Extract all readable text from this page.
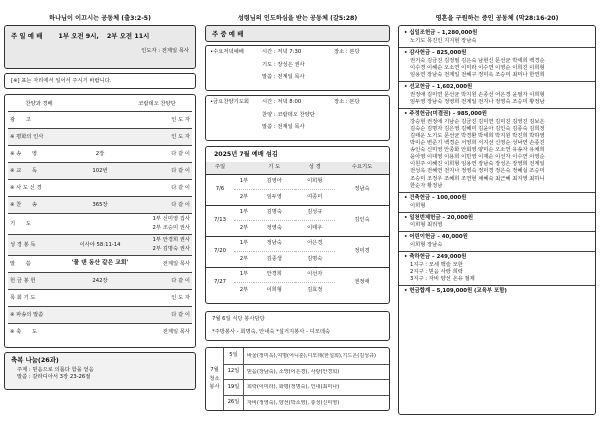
하나님이 이끄시는 공동체 (출3:2-5)
주 일 예 배	1부 오전 9시, 2부 오전 11시
인도자 : 전계일 목사
[※] 표는 자리에서 일어서 주시기 바랍니다.
찬양과 경배	코람데오 찬양단
광　　고	인 도 자
※ 평화의 인사	인 도 자
※ 송　　영	2장	다 같 이
※ 교　　독	102번	다 같 이
※ 사 도 신 경	다 같 이
※ 찬　　송	365장	다 같 이
기　　도
1부 신미영 집사
2부 조승미 권사
성 경 봉 독	이사야 58:11-14
1부 안경희 권사
2부 김명숙 권사
말　　씀	'물 댄 동산 같은 교회'	전계일 목사
헌 금 봉 헌	242장	다 같 이
목 회 기 도	인 도 자
※ 파송의 말씀	다 같 이
※ 축　　도	전계일 목사
축복 나눔(26과)
주제 : 믿음으로 의롭다 함을 얻음
말씀 : 갈라디아서 3장 23-26절
성령님의 인도하심을 받는 공동체 (갈5:28)
주 중 예 배
•수요저녁예배	시간 : 저녁 7:30	장소 : 본당
기도 : 장성은 권사
말씀 : 전계일 목사
•금요찬양기도회	시간 : 저녁 8:00	장소 : 본당
찬양 : 코람데오 찬양단
말씀 : 전계일 목사
2025년 7월 예배 섬김
주일		기 도	성 경	수요기도
7/6	1부	김영아	이희형	정남숙
	2부	임두영	여종미	
7/13	1부	김명숙	김성규	김인숙
	2부	정영숙	이태우	
7/20	1부	정남숙	어은경	정미경
	2부	김종생	김명숙	
7/27	1부	안경희	이선자	권정애
	2부	이희형	김효정	
7월 6일 식당 봉사담당
*주방봉사 - 회명숙, 안내숙 *설거지봉사 - 디모데숙
7월 청소 봉사
5일	바울(정미옥),여명(어니훈),디모데(한설희),기드온(김성규)
12일	믿음(장남숙), 소망(어은경), 사랑(안경희)
19일	희락(이미라), 화평(정명숙), 인내(최미나)
26일	자비(정영숙), 양선(박소영), 충성(신미영)
영혼을 구원하는 증인 공동체 (막28:16-20)
• 십일조헌금 – 1,280,000원
노기도 목진인 지지현 장남숙
• 감사헌금 – 825,000원
권기숙 김금진 김정필 김은숙 남현신 문선균 박세희 백경순
이수경 이혜순 오소연 이미라 이수연 이영순 이희진 이희형
임용연 장남숙 전계일 전혜구 정미옥 조승미 최미나 한연희
• 선교헌금 – 1,602,000원
권정애 김미연 문선균 박지원 손종선 어은경 윤필자 이희형
임두영 장남숙 정영희 전계일 전지나 정영숙 조승미 황정남
• 주정헌금(미결권) – 985,000원
강승현 권정애 기남순 김금진 김미연 김미진 김영진 김보은
김숙순 김명자 김은영 김혜미 김윤아 김인숙 김종숙 김희정
김태운 노기도 문선균 박경환 박세희 박지원 박진희 박하영
박미순 변준기 백경순 서영희 서지선 신영순 성낙연 손종진
송인숙 신미영 안종화 안회영 양미순 오소연 유송자 유채희
윤아영 이대영 이용희 이민영 이재순 이선자 이수연 이영순
이원주 이혜진 이희형 임용연 장남숙 장성은 장영희 전계일
전성옥 전혜연 전지나 정영숙 정미경 정은숙 정혜실 조승미
조승미 조정우 조혜희 조연현 채혜숙 최근혜 최지영 최하니
한순자 황정남
• 건축헌금 – 100,000원
이희형
• 일천번제헌금 – 20,000원
이희형 최리영
• 어린이헌금 – 40,000원
이희형 장남숙
• 축하헌금 – 249,000원
1지구 : 모세 맥슬 모한
2지구 : 믿음 사랑 희락
3지구 : 자비 양선 온유 절제
• 헌금합계 – 5,109,000원 (교육부 포함)
